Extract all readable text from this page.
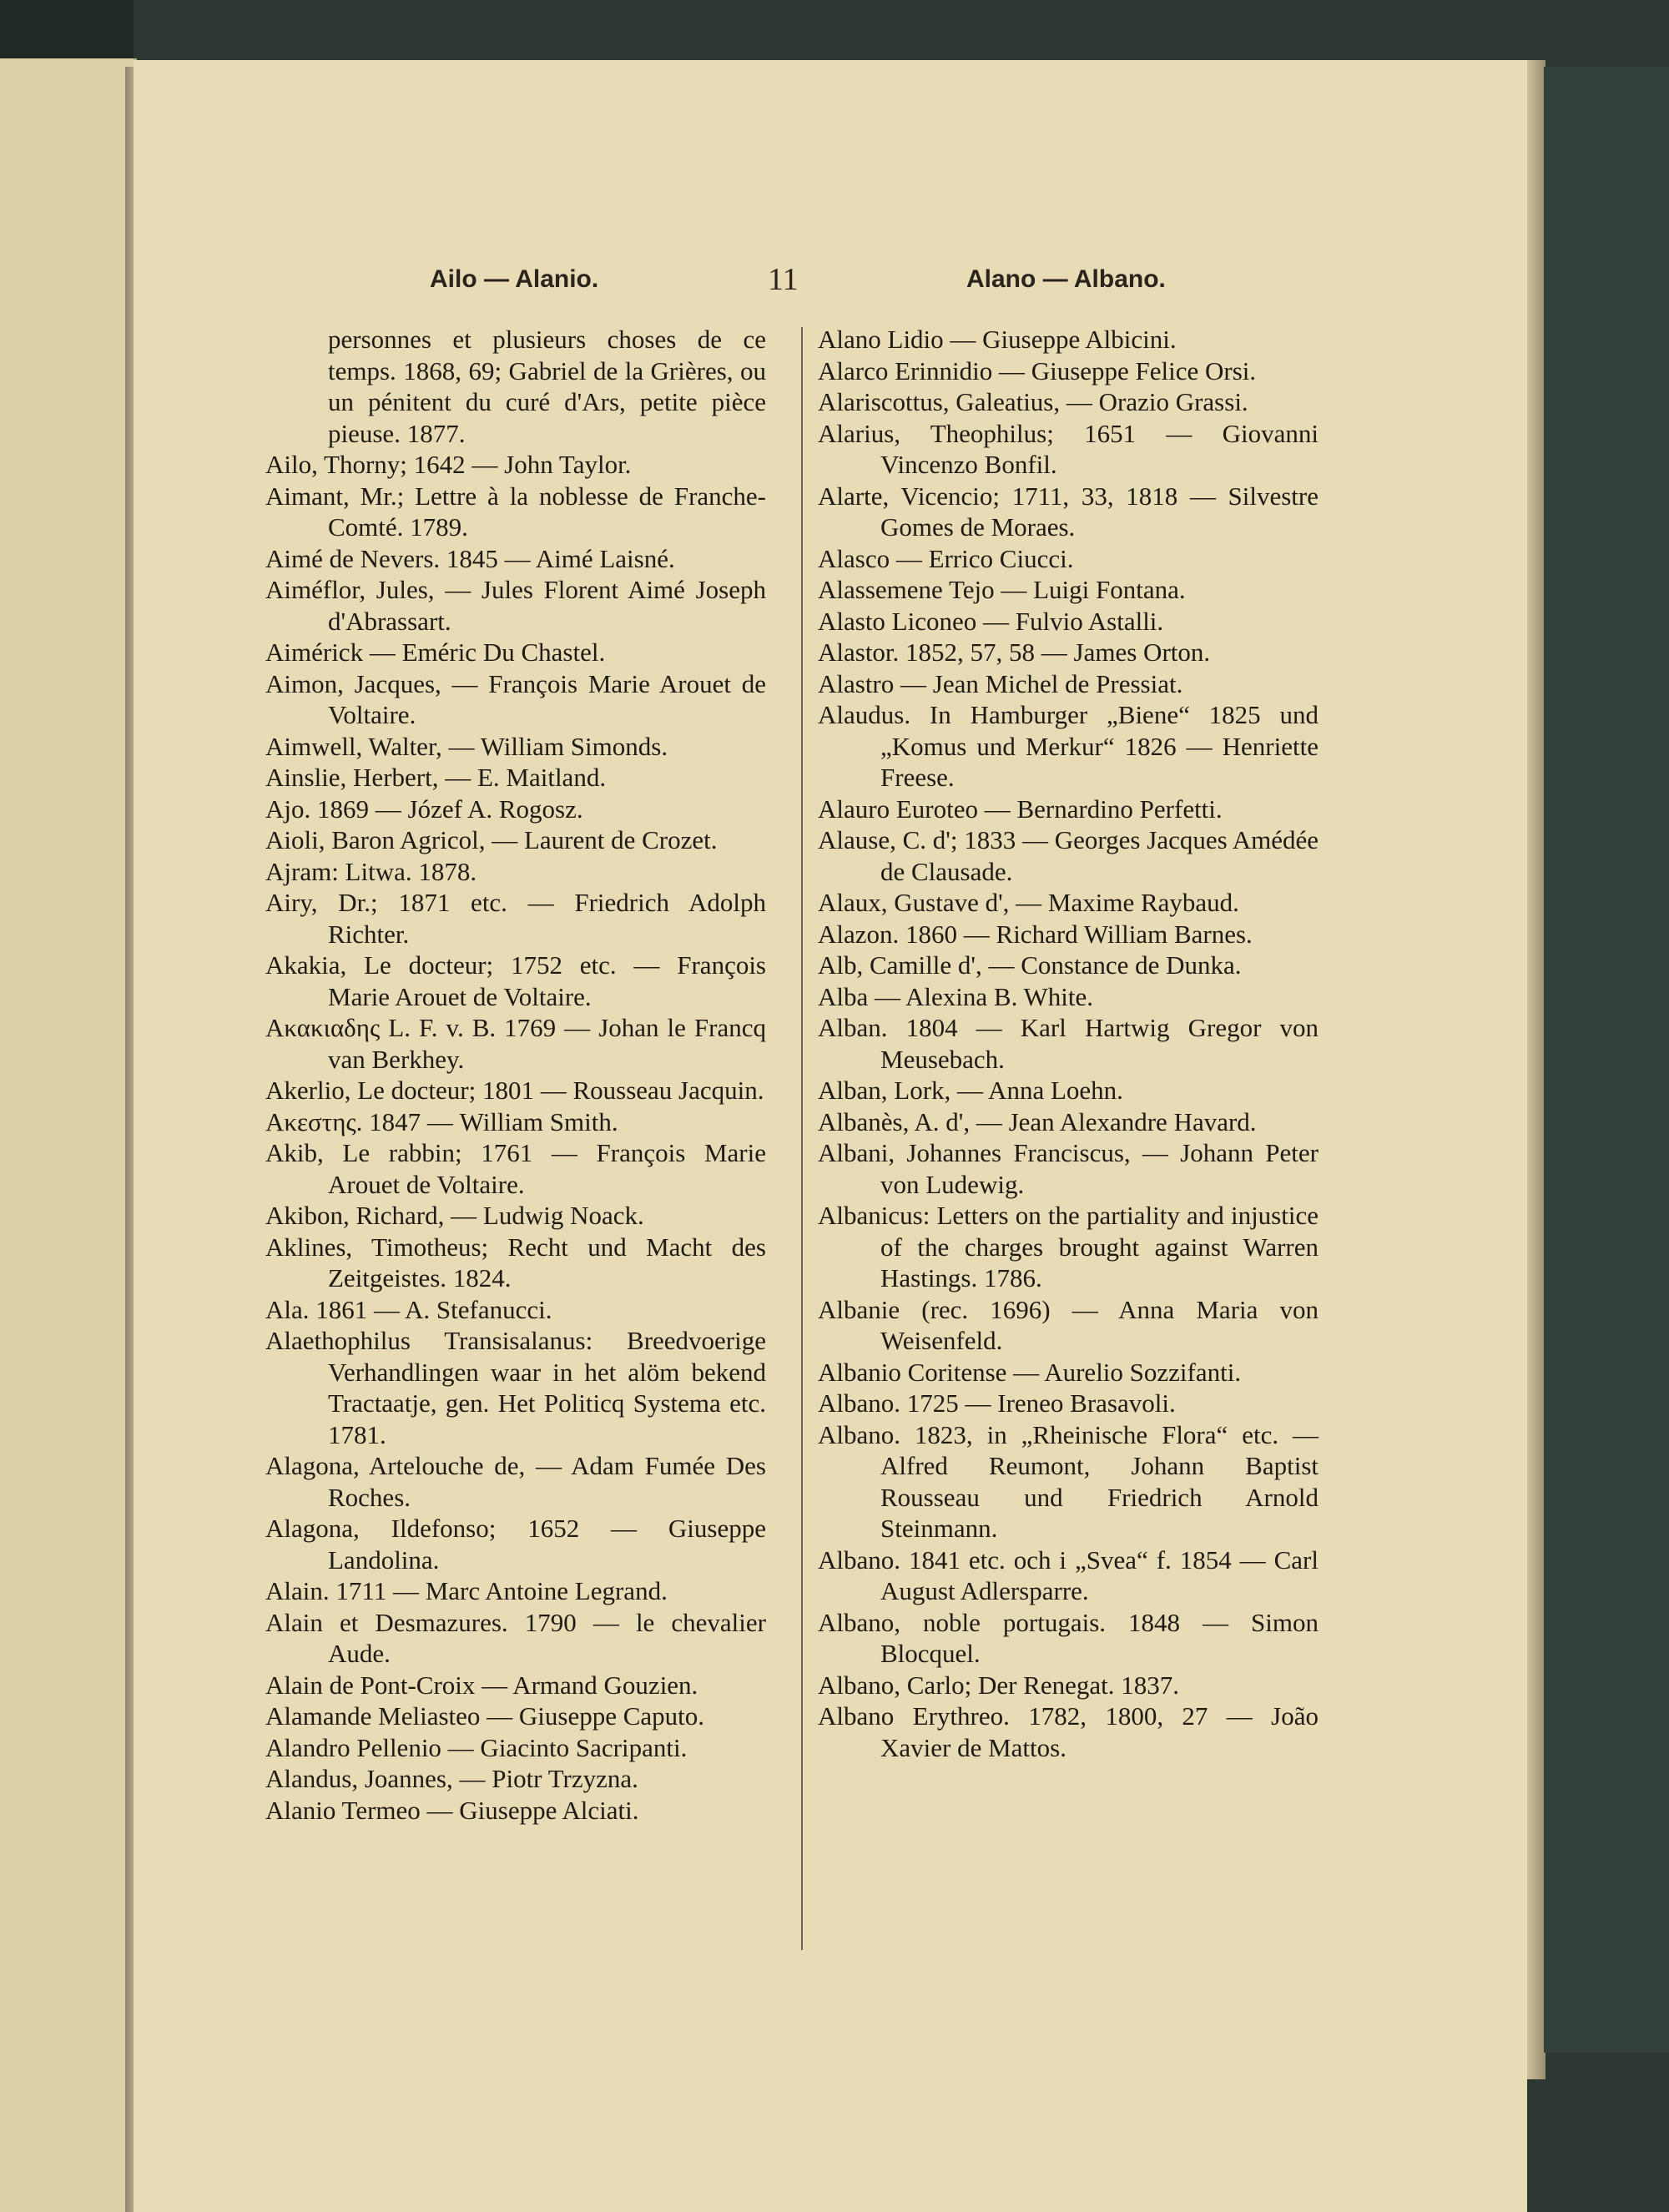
Ailo — Alanio.	11	Alano — Albano.
personnes et plusieurs choses de ce temps. 1868, 69; Gabriel de la Grières, ou un pénitent du curé d'Ars, petite pièce pieuse. 1877.
Ailo, Thorny; 1642 — John Taylor.
Aimant, Mr.; Lettre à la noblesse de Franche-Comté. 1789.
Aimé de Nevers. 1845 — Aimé Laisné.
Aiméflor, Jules, — Jules Florent Aimé Joseph d'Abrassart.
Aimérick — Eméric Du Chastel.
Aimon, Jacques, — François Marie Arouet de Voltaire.
Aimwell, Walter, — William Simonds.
Ainslie, Herbert, — E. Maitland.
Ajo. 1869 — Józef A. Rogosz.
Aioli, Baron Agricol, — Laurent de Crozet.
Ajram: Litwa. 1878.
Airy, Dr.; 1871 etc. — Friedrich Adolph Richter.
Akakia, Le docteur; 1752 etc. — François Marie Arouet de Voltaire.
Ακακιαδης L. F. v. B. 1769 — Johan le Francq van Berkhey.
Akerlio, Le docteur; 1801 — Rousseau Jacquin.
Ακεστης. 1847 — William Smith.
Akib, Le rabbin; 1761 — François Marie Arouet de Voltaire.
Akibon, Richard, — Ludwig Noack.
Aklines, Timotheus; Recht und Macht des Zeitgeistes. 1824.
Ala. 1861 — A. Stefanucci.
Alaethophilus Transisalanus: Breedvoerige Verhandlingen waar in het alöm bekend Tractaatje, gen. Het Politicq Systema etc. 1781.
Alagona, Artelouche de, — Adam Fumée Des Roches.
Alagona, Ildefonso; 1652 — Giuseppe Landolina.
Alain. 1711 — Marc Antoine Legrand.
Alain et Desmazures. 1790 — le chevalier Aude.
Alain de Pont-Croix — Armand Gouzien.
Alamande Meliasteo — Giuseppe Caputo.
Alandro Pellenio — Giacinto Sacripanti.
Alandus, Joannes, — Piotr Trzyzna.
Alanio Termeo — Giuseppe Alciati.
Alano Lidio — Giuseppe Albicini.
Alarco Erinnidio — Giuseppe Felice Orsi.
Alariscottus, Galeatius, — Orazio Grassi.
Alarius, Theophilus; 1651 — Giovanni Vincenzo Bonfil.
Alarte, Vicencio; 1711, 33, 1818 — Silvestre Gomes de Moraes.
Alasco — Errico Ciucci.
Alassemene Tejo — Luigi Fontana.
Alasto Liconeo — Fulvio Astalli.
Alastor. 1852, 57, 58 — James Orton.
Alastro — Jean Michel de Pressiat.
Alaudus. In Hamburger „Biene“ 1825 und „Komus und Merkur“ 1826 — Henriette Freese.
Alauro Euroteo — Bernardino Perfetti.
Alause, C. d'; 1833 — Georges Jacques Amédée de Clausade.
Alaux, Gustave d', — Maxime Raybaud.
Alazon. 1860 — Richard William Barnes.
Alb, Camille d', — Constance de Dunka.
Alba — Alexina B. White.
Alban. 1804 — Karl Hartwig Gregor von Meusebach.
Alban, Lork, — Anna Loehn.
Albanès, A. d', — Jean Alexandre Havard.
Albani, Johannes Franciscus, — Johann Peter von Ludewig.
Albanicus: Letters on the partiality and injustice of the charges brought against Warren Hastings. 1786.
Albanie (rec. 1696) — Anna Maria von Weisenfeld.
Albanio Coritense — Aurelio Sozzifanti.
Albano. 1725 — Ireneo Brasavoli.
Albano. 1823, in „Rheinische Flora“ etc. — Alfred Reumont, Johann Baptist Rousseau und Friedrich Arnold Steinmann.
Albano. 1841 etc. och i „Svea“ f. 1854 — Carl August Adlersparre.
Albano, noble portugais. 1848 — Simon Blocquel.
Albano, Carlo; Der Renegat. 1837.
Albano Erythreo. 1782, 1800, 27 — João Xavier de Mattos.
